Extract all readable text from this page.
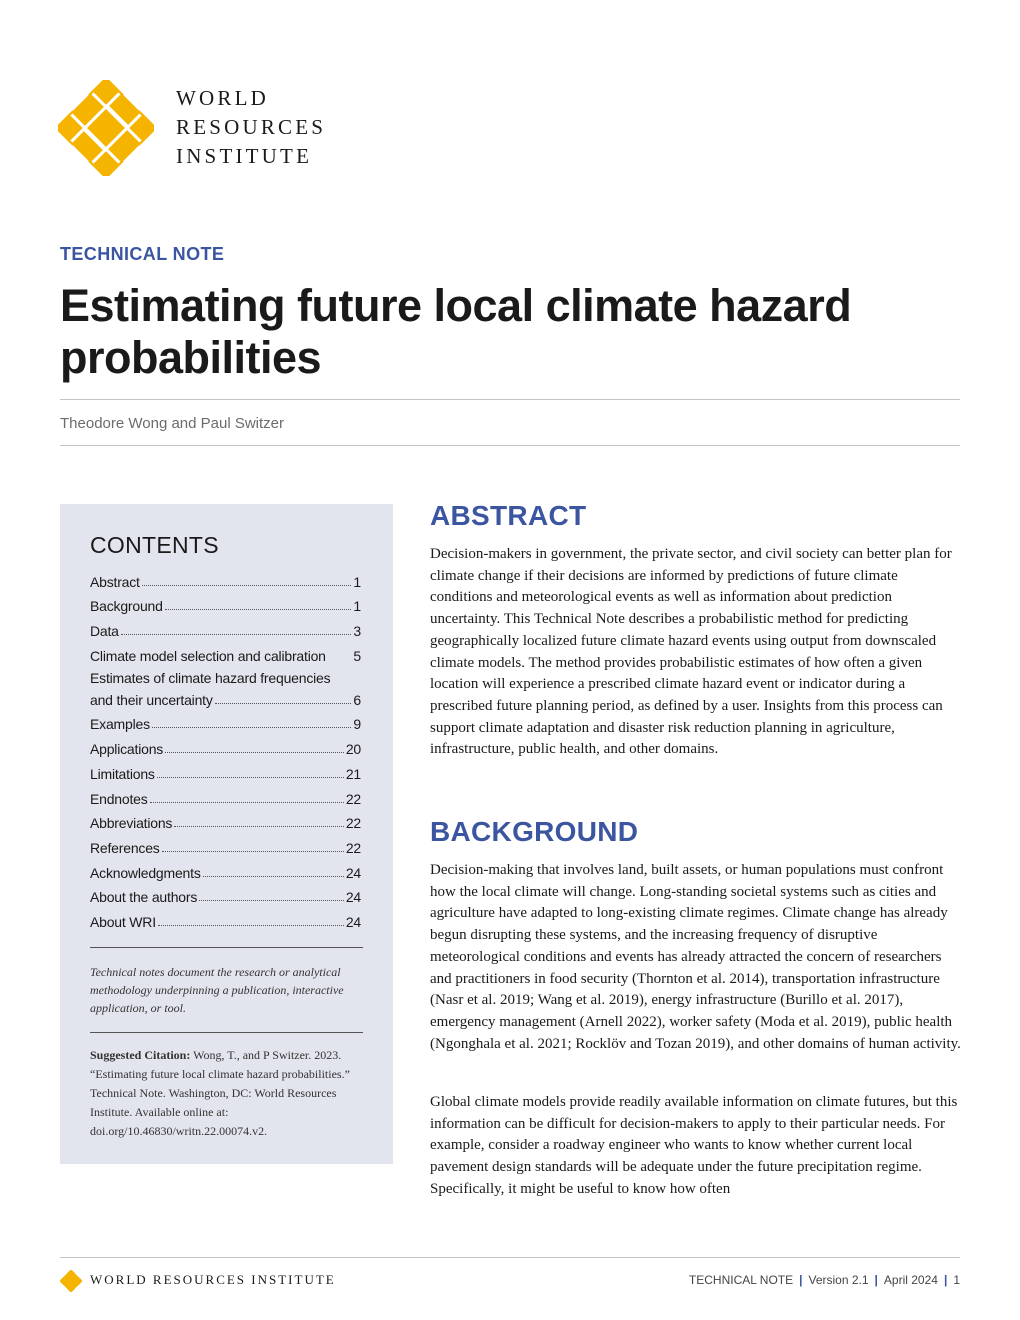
WORLD
RESOURCES
INSTITUTE
TECHNICAL NOTE
Estimating future local climate hazard probabilities
Theodore Wong and Paul Switzer
CONTENTS
Abstract	1
Background	1
Data	3
Climate model selection and calibration 5
Estimates of climate hazard frequencies
and their uncertainty	6
Examples	9
Applications	20
Limitations	21
Endnotes	22
Abbreviations	22
References	22
Acknowledgments	24
About the authors	24
About WRI	24
Technical notes document the research or analytical methodology underpinning a publication, interactive application, or tool.
Suggested Citation: Wong, T., and P Switzer. 2023. “Estimating future local climate hazard probabilities.” Technical Note. Washington, DC: World Resources Institute. Available online at: doi.org/10.46830/writn.22.00074.v2.
ABSTRACT

Decision-makers in government, the private sector, and civil society can better plan for climate change if their decisions are informed by predictions of future climate conditions and meteorological events as well as information about prediction uncertainty. This Technical Note describes a probabilistic method for predicting geographically localized future climate hazard events using output from downscaled climate models. The method provides probabilistic estimates of how often a given location will experience a prescribed climate hazard event or indicator during a prescribed future planning period, as defined by a user. Insights from this process can support climate adaptation and disaster risk reduction planning in agriculture, infrastructure, public health, and other domains.

BACKGROUND

Decision-making that involves land, built assets, or human populations must confront how the local climate will change. Long-standing societal systems such as cities and agriculture have adapted to long-existing climate regimes. Climate change has already begun disrupting these systems, and the increasing frequency of disruptive meteorological conditions and events has already attracted the concern of researchers and practitioners in food security (Thornton et al. 2014), transportation infrastructure (Nasr et al. 2019; Wang et al. 2019), energy infrastructure (Burillo et al. 2017), emergency management (Arnell 2022), worker safety (Moda et al. 2019), public health (Ngonghala et al. 2021; Rocklöv and Tozan 2019), and other domains of human activity.

Global climate models provide readily available information on climate futures, but this information can be difficult for decision-makers to apply to their particular needs. For example, consider a roadway engineer who wants to know whether current local pavement design standards will be adequate under the future precipitation regime. Specifically, it might be useful to know how often

WORLD RESOURCES INSTITUTE	TECHNICAL NOTE | Version 2.1 | April 2024 | 1
